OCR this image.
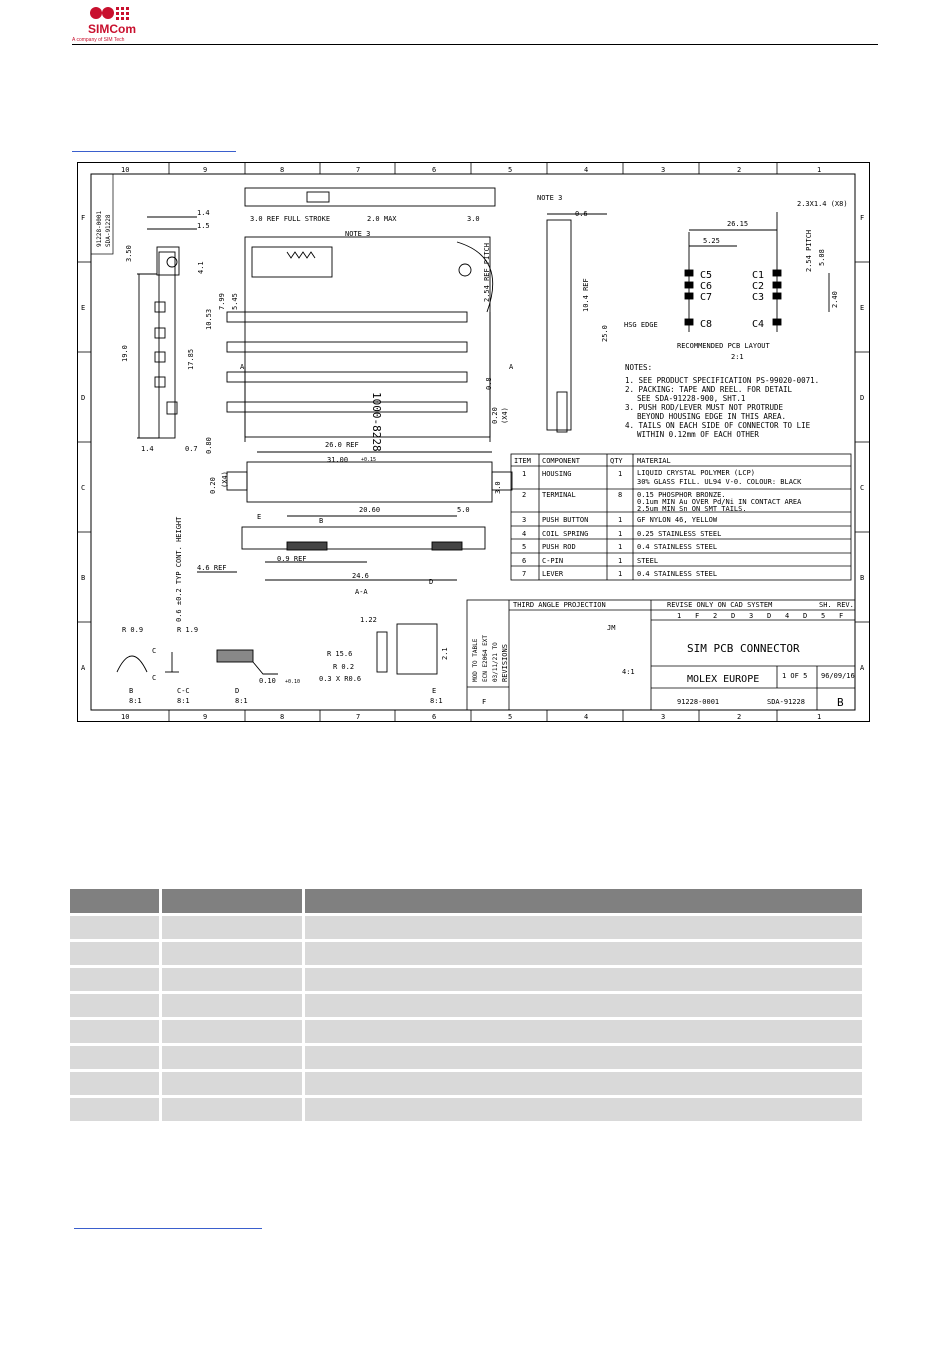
SIMCom
A company of SIM Tech
10	9	8	7	6	5	4	3	2	1
10	9	8	7	6	5	4	3	2	1
F
E
D
C
B
A
F
E
D
C
B
A
91228-0001 SDA-91228
1.4
1.5
3.50
4.1
19.0
1.4	0.7
3.0 REF FULL STROKE	2.0 MAX	3.0
NOTE 3
NOTE 3
0.6
5.45
7.99
10.53
17.85
1000-8228
2.54 REF PITCH	10.4 REF
25.0
0.8
0.20 (X4)
0.80	26.0 REF
A	A
31.00	+0.15
20.60	5.0
3.0
0.20 (X4)
E	B
0.9 REF
4.6 REF
24.6
A-A
D
0.6 ±0.2 TYP CONT. HEIGHT
2.3X1.4 (X8)
26.15
5.25	2.54 PITCH 5.08
2.40
C5
C6
C7
C8
C1
C2
C3
C4
HSG EDGE
RECOMMENDED PCB LAYOUT
2:1
NOTES:
1. SEE PRODUCT SPECIFICATION PS-99020-0071.
2. PACKING: TAPE AND REEL. FOR DETAIL
SEE SDA-91228-900, SHT.1
3. PUSH ROD/LEVER MUST NOT PROTRUDE
BEYOND HOUSING EDGE IN THIS AREA.
4. TAILS ON EACH SIDE OF CONNECTOR TO LIE
WITHIN 0.12mm OF EACH OTHER
ITEM COMPONENT	QTY MATERIAL
1 HOUSING	1 LIQUID CRYSTAL POLYMER (LCP)
30% GLASS FILL. UL94 V-0. COLOUR: BLACK
2 TERMINAL	8 0.15 PHOSPHOR BRONZE.
0.1um MIN Au OVER Pd/Ni IN CONTACT AREA
2.5um MIN Sn ON SMT TAILS.
3 PUSH BUTTON	1 GF NYLON 46, YELLOW
4 COIL SPRING	1 0.25 STAINLESS STEEL
5 PUSH ROD	1 0.4 STAINLESS STEEL
6 C-PIN	1 STEEL
7 LEVER	1 0.4 STAINLESS STEEL
R 0.9	R 1.9
C
C
B
8:1
C-C
8:1
D
8:1
0.10 +0.10
1.22
R 15.6
R 0.2
0.3 X R0.6
2.1
E
8:1
THIRD ANGLE PROJECTION	REVISE ONLY ON CAD SYSTEM	SH. REV.
1 F 2 D 3 D 4 D 5 F
JM
SIM PCB CONNECTOR
MOLEX EUROPE
91228-0001	SDA-91228
1 OF 5 96/09/16
B
4:1
F
REVISIONS
MOD TO TABLE ECN E2064 EXT 03/11/21 TO
